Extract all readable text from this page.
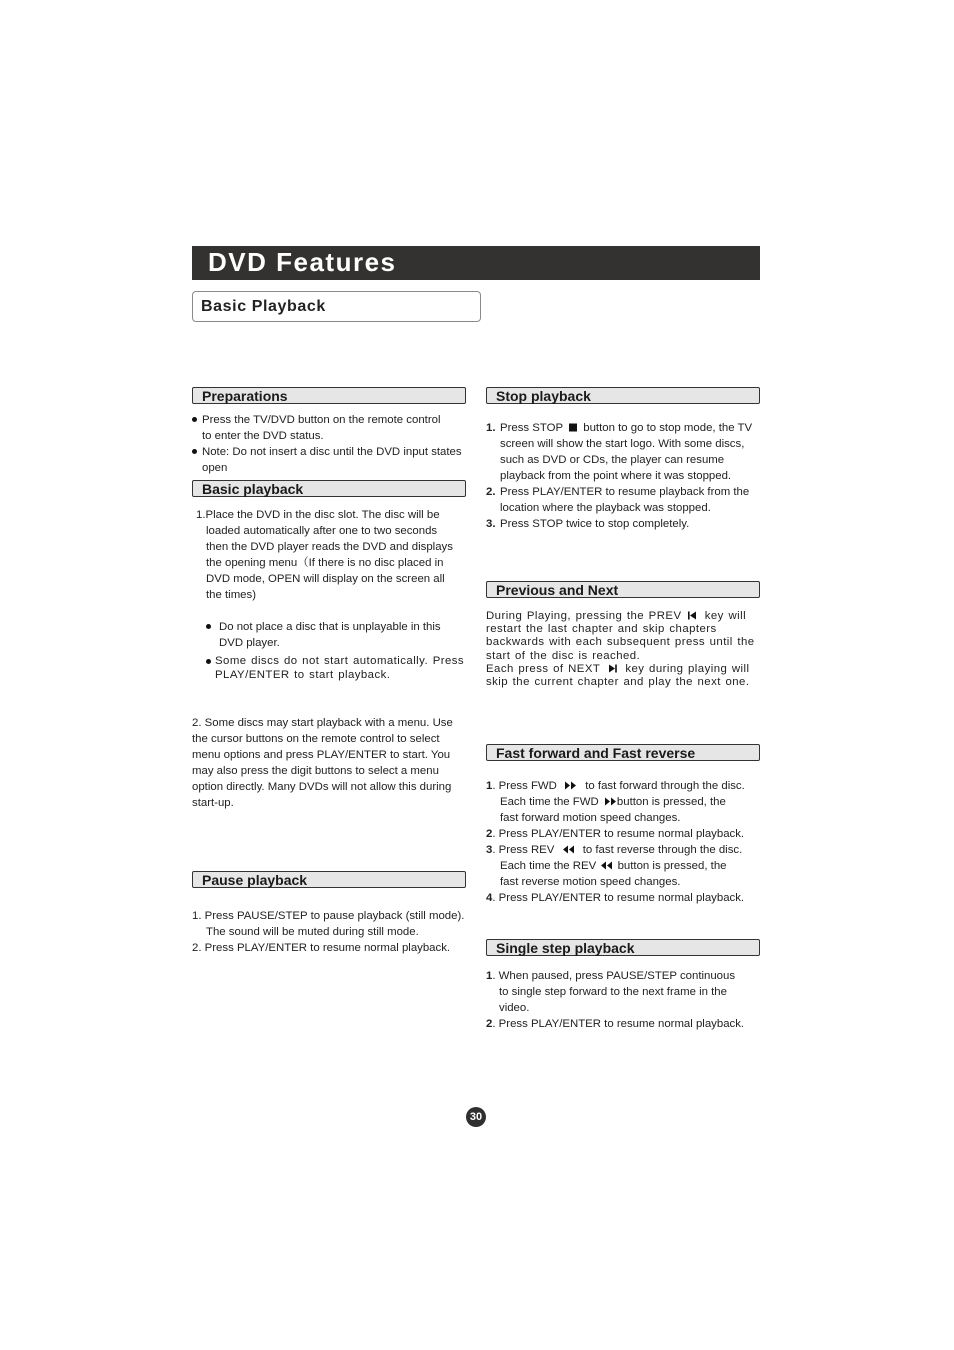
DVD Features
Basic Playback
Preparations

Press the TV/DVD button on the remote control

to enter the DVD status.

Note: Do not insert a disc until the DVD input states

open

Basic playback

1.Place the DVD in the disc slot. The disc will be

loaded automatically after one to two seconds

then the DVD player reads the DVD and displays

the opening menu（If there is no disc placed in

DVD mode, OPEN will display on the screen all

the times)

Do not place a disc that is unplayable in this

DVD player.

Some discs do not start automatically. Press

PLAY/ENTER to start playback.

2. Some discs may start playback with a menu. Use

the cursor buttons on the remote control to select

menu options and press PLAY/ENTER to start. You

may also press the digit buttons to select a menu

option directly. Many DVDs will not allow this during

start-up.

Pause playback

1. Press PAUSE/STEP to pause playback (still mode).

The sound will be muted during still mode.

2. Press PLAY/ENTER to resume normal playback.

Stop playback
1. Press STOP button to go to stop mode, the TV

screen will show the start logo. With some discs,

such as DVD or CDs, the player can resume

playback from the point where it was stopped.

2. Press PLAY/ENTER to resume playback from the

location where the playback was stopped.

3. Press STOP twice to stop completely.

Previous and Next

During Playing, pressing the PREV key will

restart the last chapter and skip chapters

backwards with each subsequent press until the

start of the disc is reached.

Each press of NEXT key during playing will

skip the current chapter and play the next one.

Fast forward and Fast reverse

1. Press FWD to fast forward through the disc.

Each time the FWD button is pressed, the

fast forward motion speed changes.

2. Press PLAY/ENTER to resume normal playback.

3. Press REV to fast reverse through the disc.

Each time the REV button is pressed, the

fast reverse motion speed changes.

4. Press PLAY/ENTER to resume normal playback.

Single step playback

1. When paused, press PAUSE/STEP continuous

to single step forward to the next frame in the

video.

2. Press PLAY/ENTER to resume normal playback.

30
